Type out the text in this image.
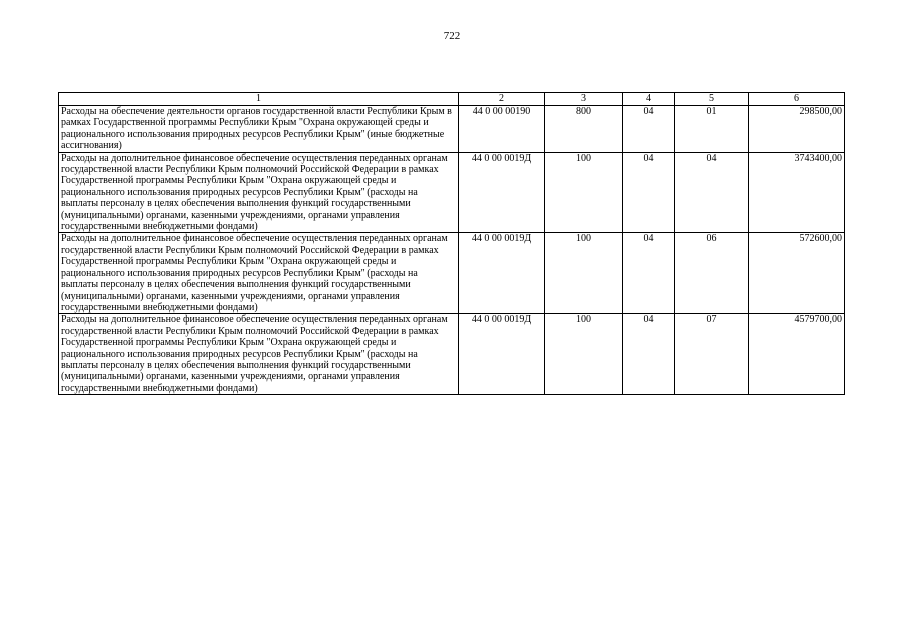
722
1	2	3	4	5	6
Расходы на обеспечение деятельности органов государственной власти Республики Крым в рамках Государственной программы Республики Крым "Охрана окружающей среды и рационального использования природных ресурсов Республики Крым" (иные бюджетные ассигнования)	44 0 00 00190	800	04	01	298500,00
Расходы на дополнительное финансовое обеспечение осуществления переданных органам государственной власти Республики Крым полномочий Российской Федерации в рамках Государственной программы Республики Крым "Охрана окружающей среды и рационального использования природных ресурсов Республики Крым" (расходы на выплаты персоналу в целях обеспечения выполнения функций государственными (муниципальными) органами, казенными учреждениями, органами управления государственными внебюджетными фондами)	44 0 00 0019Д	100	04	04	3743400,00
Расходы на дополнительное финансовое обеспечение осуществления переданных органам государственной власти Республики Крым полномочий Российской Федерации в рамках Государственной программы Республики Крым "Охрана окружающей среды и рационального использования природных ресурсов Республики Крым" (расходы на выплаты персоналу в целях обеспечения выполнения функций государственными (муниципальными) органами, казенными учреждениями, органами управления государственными внебюджетными фондами)	44 0 00 0019Д	100	04	06	572600,00
Расходы на дополнительное финансовое обеспечение осуществления переданных органам государственной власти Республики Крым полномочий Российской Федерации в рамках Государственной программы Республики Крым "Охрана окружающей среды и рационального использования природных ресурсов Республики Крым" (расходы на выплаты персоналу в целях обеспечения выполнения функций государственными (муниципальными) органами, казенными учреждениями, органами управления государственными внебюджетными фондами)	44 0 00 0019Д	100	04	07	4579700,00
